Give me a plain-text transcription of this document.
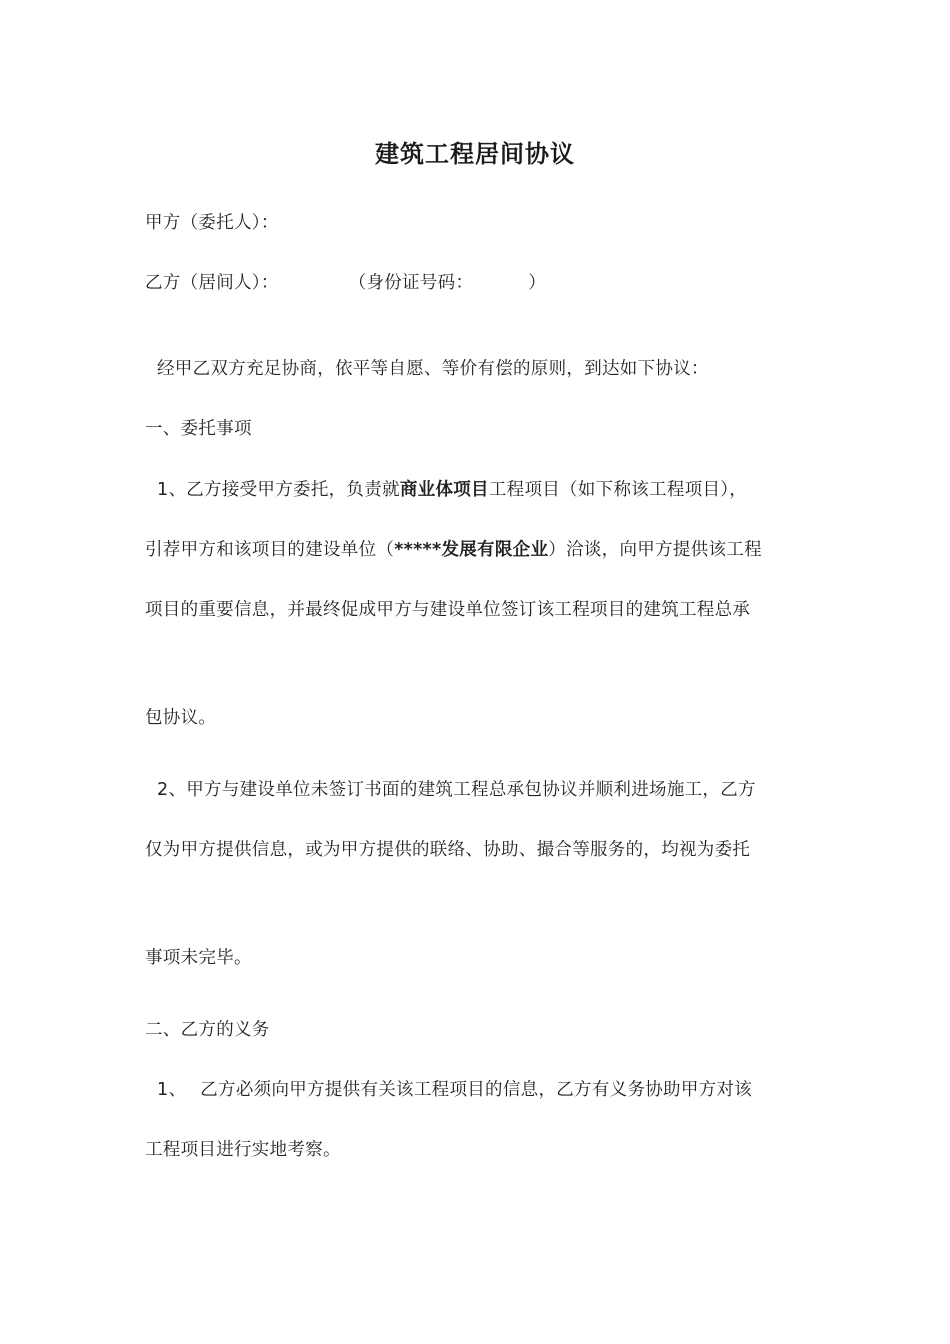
建筑工程居间协议
甲方（委托人）：
乙方（居间人）：	（身份证号码：	）
经甲乙双方充足协商，依平等自愿、等价有偿的原则，到达如下协议：
一、委托事项
1、乙方接受甲方委托，负责就商业体项目工程项目（如下称该工程项目），
引荐甲方和该项目的建设单位（*****发展有限企业）洽谈，向甲方提供该工程
项目的重要信息，并最终促成甲方与建设单位签订该工程项目的建筑工程总承
包协议。
2、甲方与建设单位未签订书面的建筑工程总承包协议并顺利进场施工，乙方
仅为甲方提供信息，或为甲方提供的联络、协助、撮合等服务的，均视为委托
事项未完毕。
二、乙方的义务
1、 乙方必须向甲方提供有关该工程项目的信息，乙方有义务协助甲方对该
工程项目进行实地考察。
